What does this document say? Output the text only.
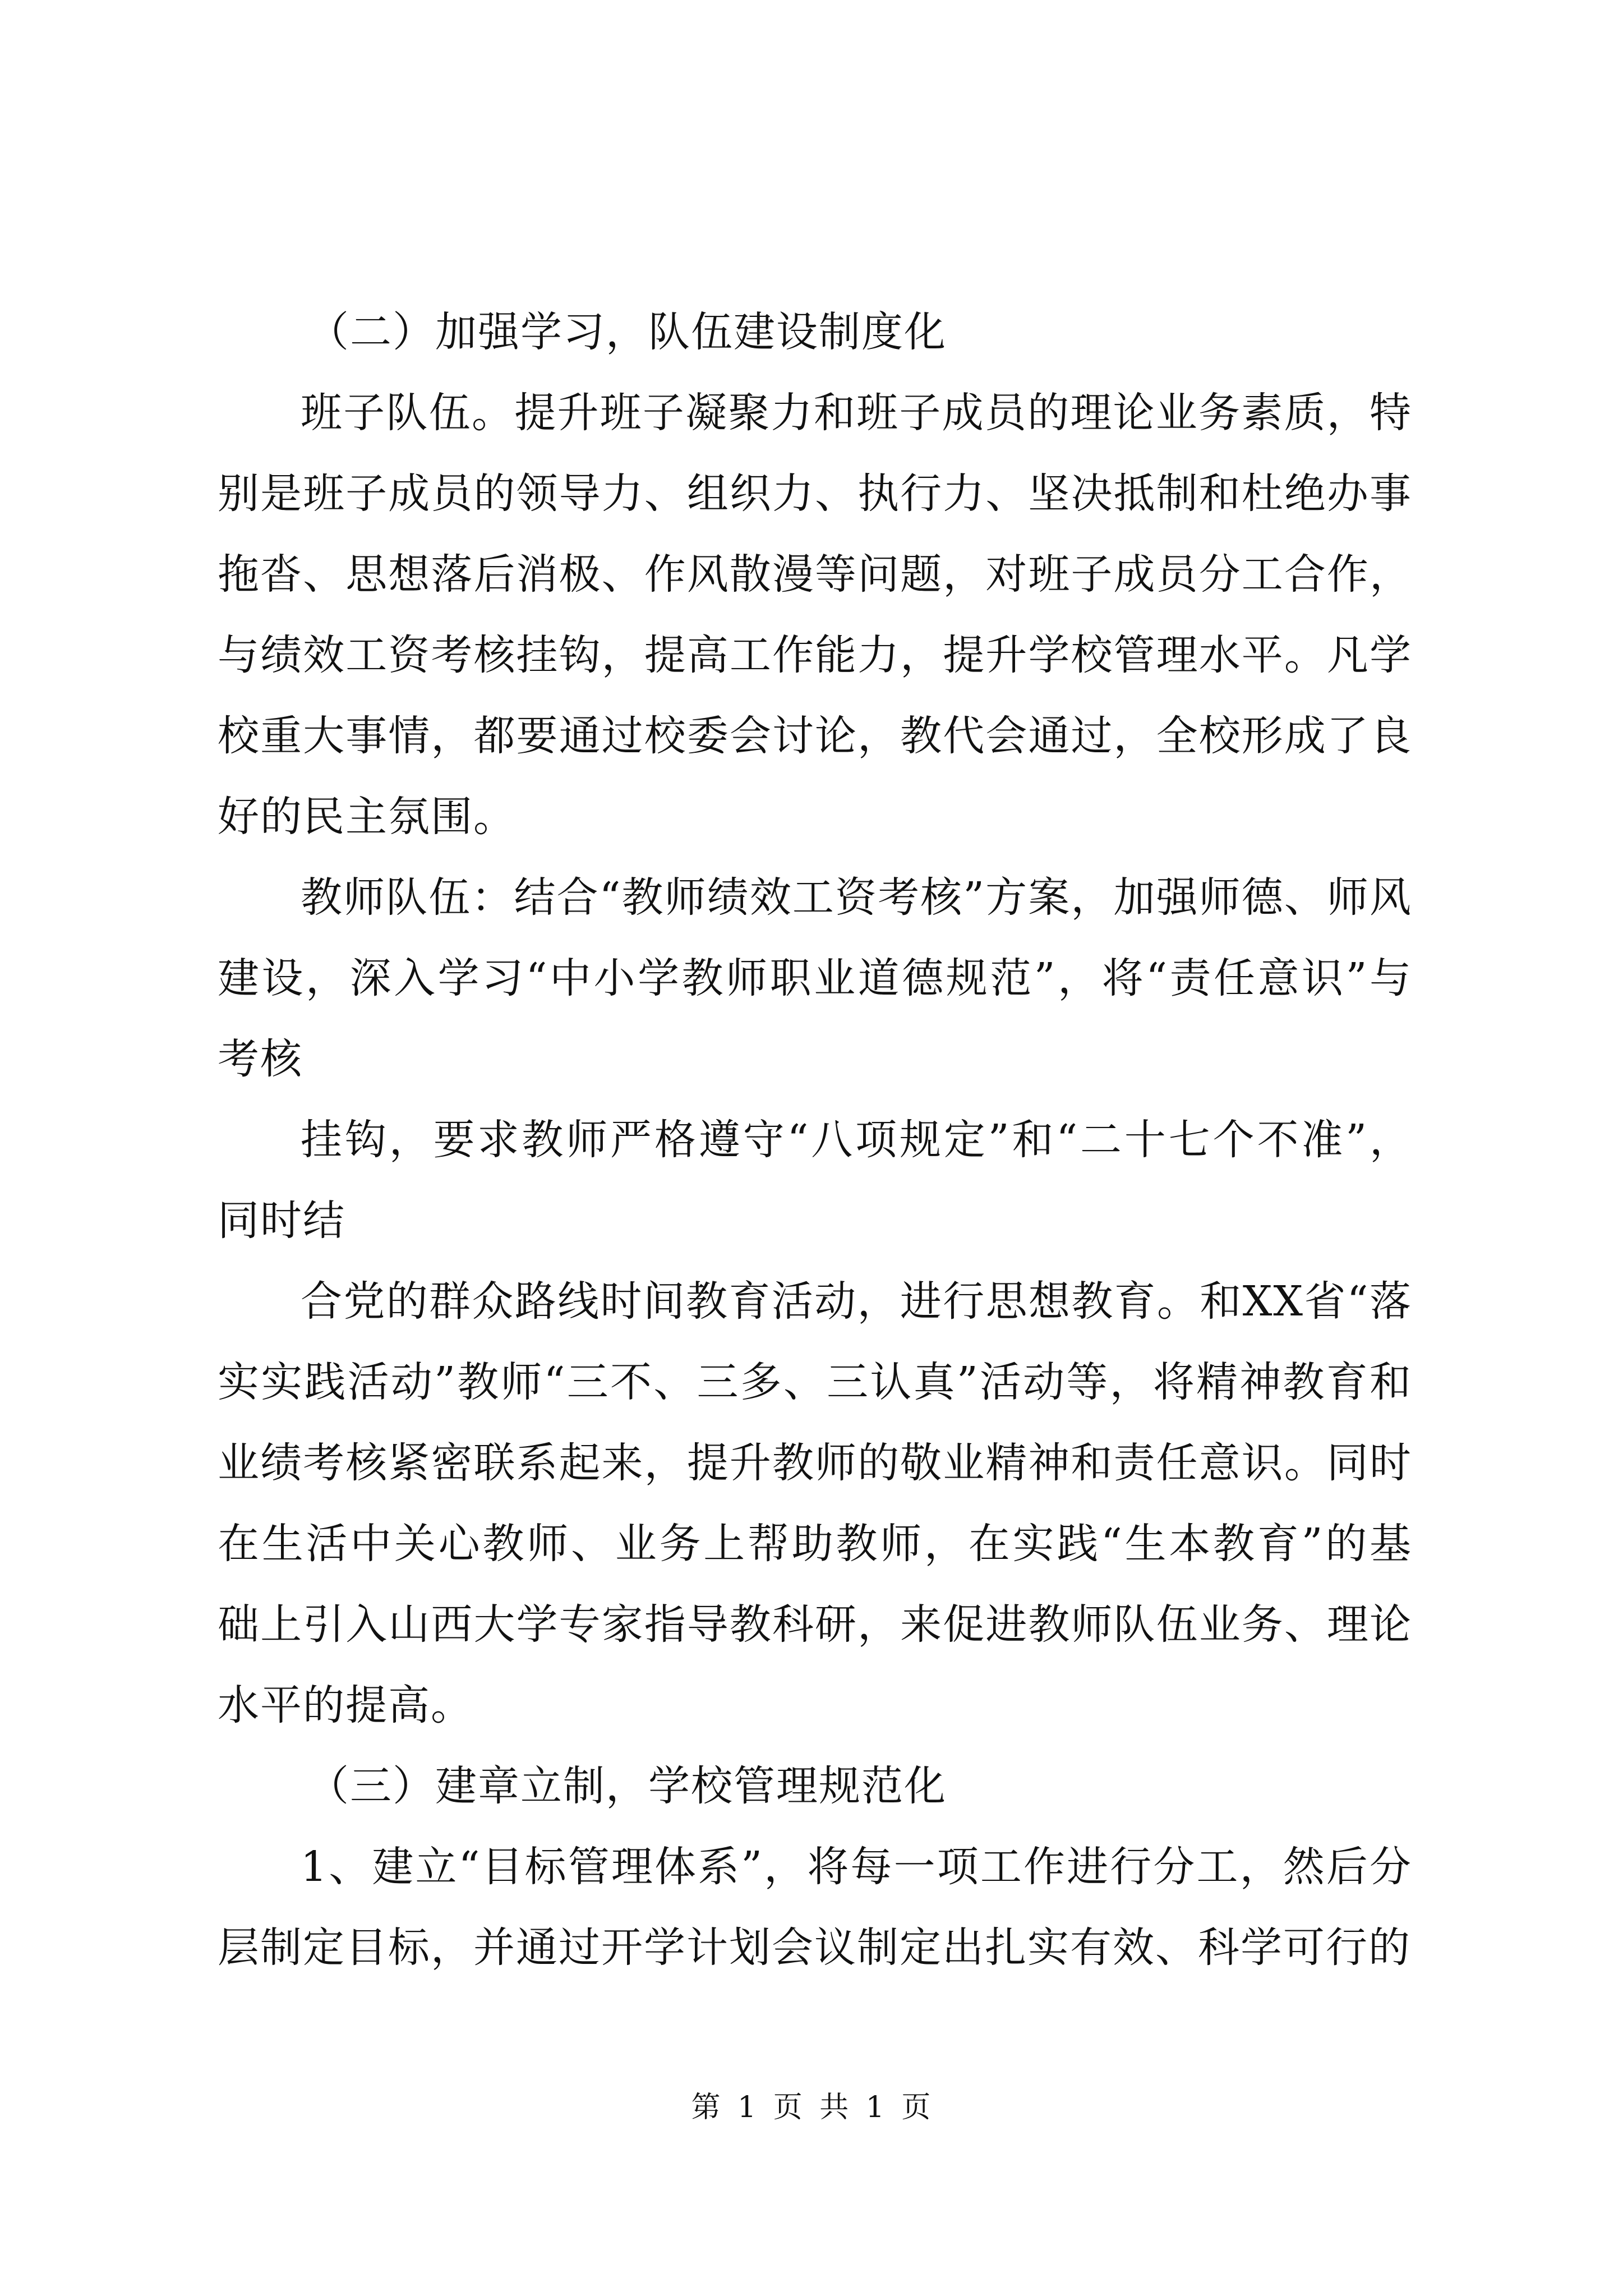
（二）加强学习，队伍建设制度化

班子队伍。提升班子凝聚力和班子成员的理论业务素质，特别是班子成员的领导力、组织力、执行力、坚决抵制和杜绝办事拖沓、思想落后消极、作风散漫等问题，对班子成员分工合作，与绩效工资考核挂钩，提高工作能力，提升学校管理水平。凡学校重大事情，都要通过校委会讨论，教代会通过，全校形成了良好的民主氛围。

教师队伍：结合“教师绩效工资考核”方案，加强师德、师风建设，深入学习“中小学教师职业道德规范”，将“责任意识”与考核

挂钩，要求教师严格遵守“八项规定”和“二十七个不准”，同时结

合党的群众路线时间教育活动，进行思想教育。和XX省“落实实践活动”教师“三不、三多、三认真”活动等，将精神教育和业绩考核紧密联系起来，提升教师的敬业精神和责任意识。同时在生活中关心教师、业务上帮助教师，在实践“生本教育”的基础上引入山西大学专家指导教科研，来促进教师队伍业务、理论水平的提高。

（三）建章立制，学校管理规范化

1、建立“目标管理体系”，将每一项工作进行分工，然后分层制定目标，并通过开学计划会议制定出扎实有效、科学可行的

第 1 页 共 1 页
